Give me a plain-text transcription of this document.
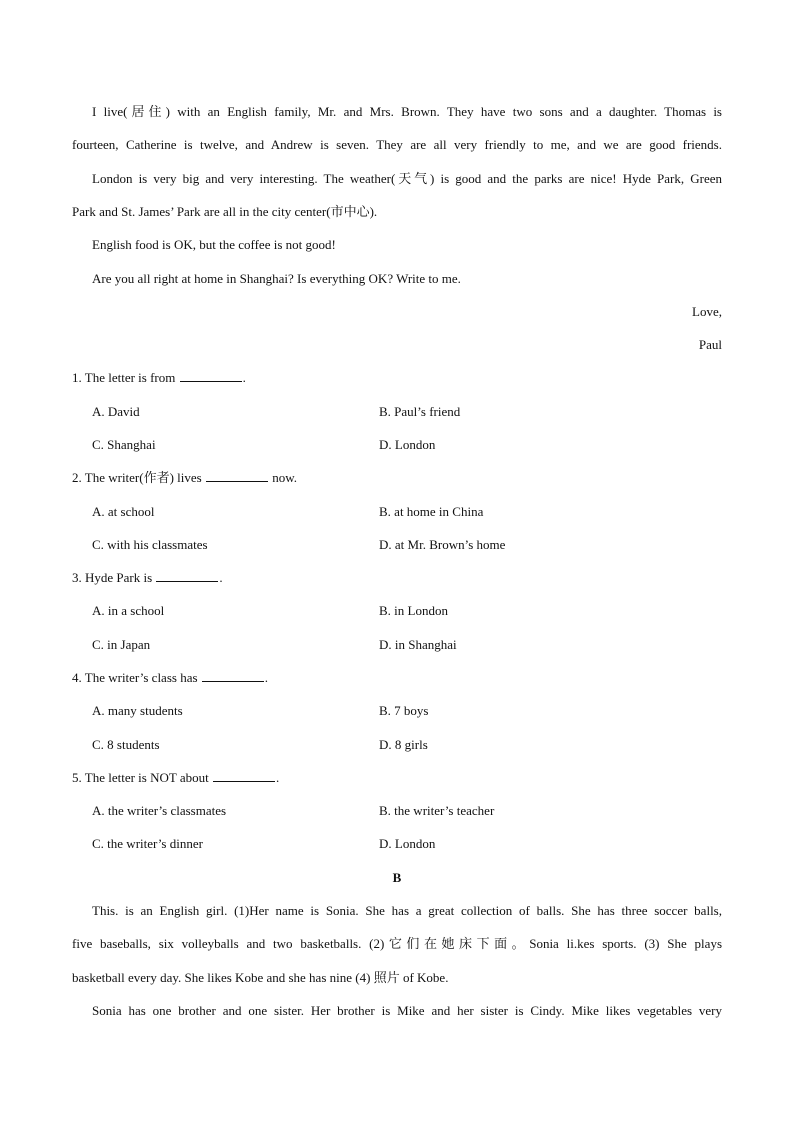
I live(居住) with an English family, Mr. and Mrs. Brown. They have two sons and a daughter. Thomas is
fourteen, Catherine is twelve, and Andrew is seven. They are all very friendly to me, and we are good friends.
London is very big and very interesting. The weather(天气) is good and the parks are nice! Hyde Park, Green
Park and St. James’ Park are all in the city center(市中心).
English food is OK, but the coffee is not good!
Are you all right at home in Shanghai? Is everything OK? Write to me.
Love,
Paul
1. The letter is from	.
A. David	B. Paul’s friend
C. Shanghai	D. London
2. The writer(作者) lives	now.
A. at school	B. at home in China
C. with his classmates	D. at Mr. Brown’s home
3. Hyde Park is	.
A. in a school	B. in London
C. in Japan	D. in Shanghai
4. The writer’s class has	.
A. many students	B. 7 boys
C. 8 students	D. 8 girls
5. The letter is NOT about	.
A. the writer’s classmates	B. the writer’s teacher
C. the writer’s dinner	D. London
B
This. is an English girl. (1)Her name is Sonia. She has a great collection of balls. She has three soccer balls,
five baseballs, six volleyballs and two basketballs. (2)它们在她床下面。Sonia li.kes sports. (3) She plays
basketball every day. She likes Kobe and she has nine (4) 照片 of Kobe.
Sonia has one brother and one sister. Her brother is Mike and her sister is Cindy. Mike likes vegetables very
